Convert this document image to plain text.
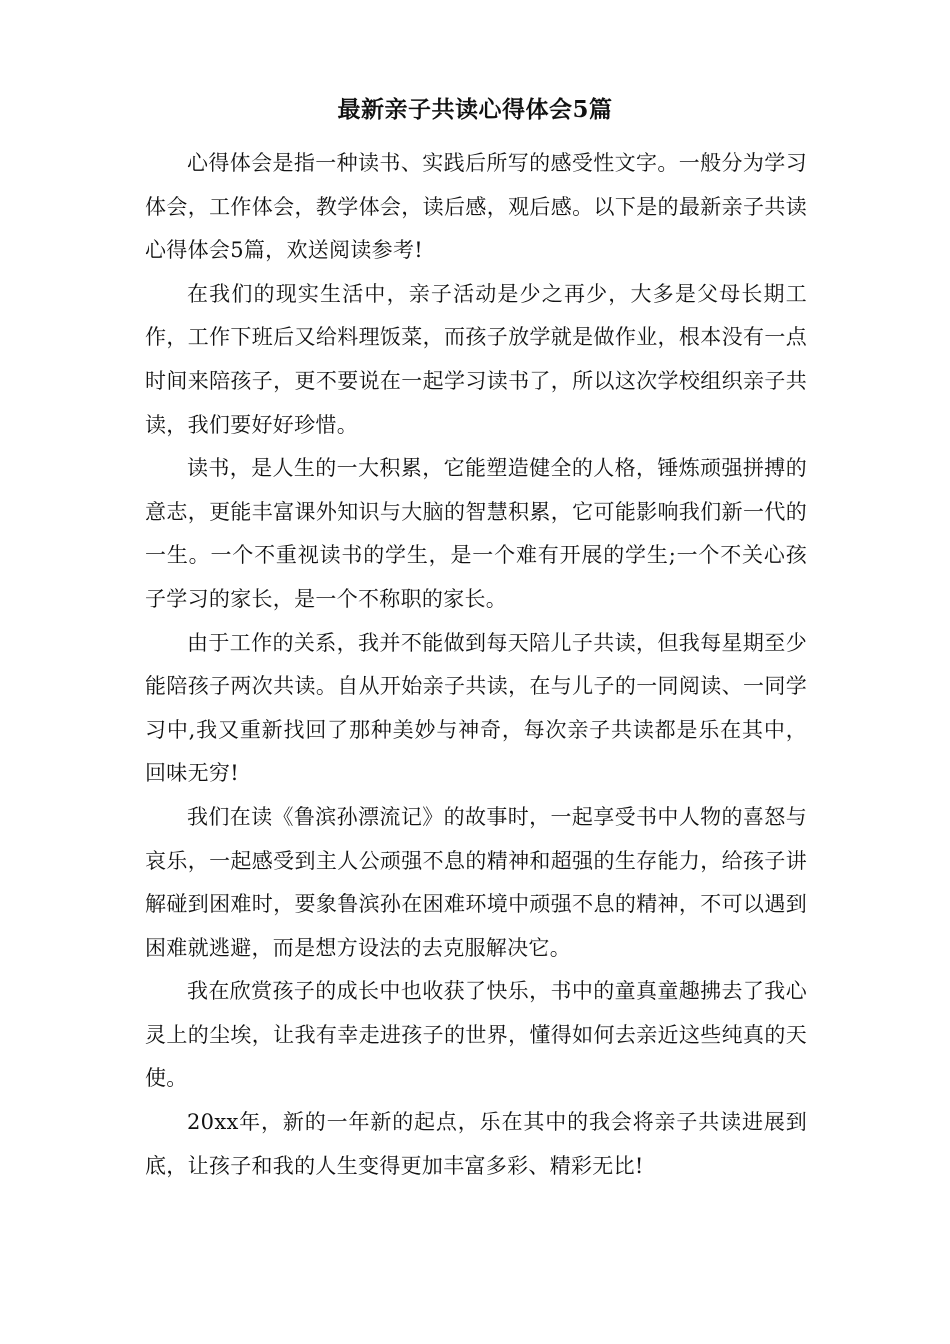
最新亲子共读心得体会5篇

心得体会是指一种读书、实践后所写的感受性文字。一般分为学习体会，工作体会，教学体会，读后感，观后感。以下是的最新亲子共读心得体会5篇，欢送阅读参考!

在我们的现实生活中，亲子活动是少之再少，大多是父母长期工作，工作下班后又给料理饭菜，而孩子放学就是做作业，根本没有一点时间来陪孩子，更不要说在一起学习读书了，所以这次学校组织亲子共读，我们要好好珍惜。

读书，是人生的一大积累，它能塑造健全的人格，锤炼顽强拼搏的意志，更能丰富课外知识与大脑的智慧积累，它可能影响我们新一代的一生。一个不重视读书的学生，是一个难有开展的学生;一个不关心孩子学习的家长，是一个不称职的家长。

由于工作的关系，我并不能做到每天陪儿子共读，但我每星期至少能陪孩子两次共读。自从开始亲子共读，在与儿子的一同阅读、一同学习中,我又重新找回了那种美妙与神奇，每次亲子共读都是乐在其中，回味无穷!

我们在读《鲁滨孙漂流记》的故事时，一起享受书中人物的喜怒与哀乐，一起感受到主人公顽强不息的精神和超强的生存能力，给孩子讲解碰到困难时，要象鲁滨孙在困难环境中顽强不息的精神，不可以遇到困难就逃避，而是想方设法的去克服解决它。

我在欣赏孩子的成长中也收获了快乐，书中的童真童趣拂去了我心灵上的尘埃，让我有幸走进孩子的世界，懂得如何去亲近这些纯真的天使。

20xx年，新的一年新的起点，乐在其中的我会将亲子共读进展到底，让孩子和我的人生变得更加丰富多彩、精彩无比!
